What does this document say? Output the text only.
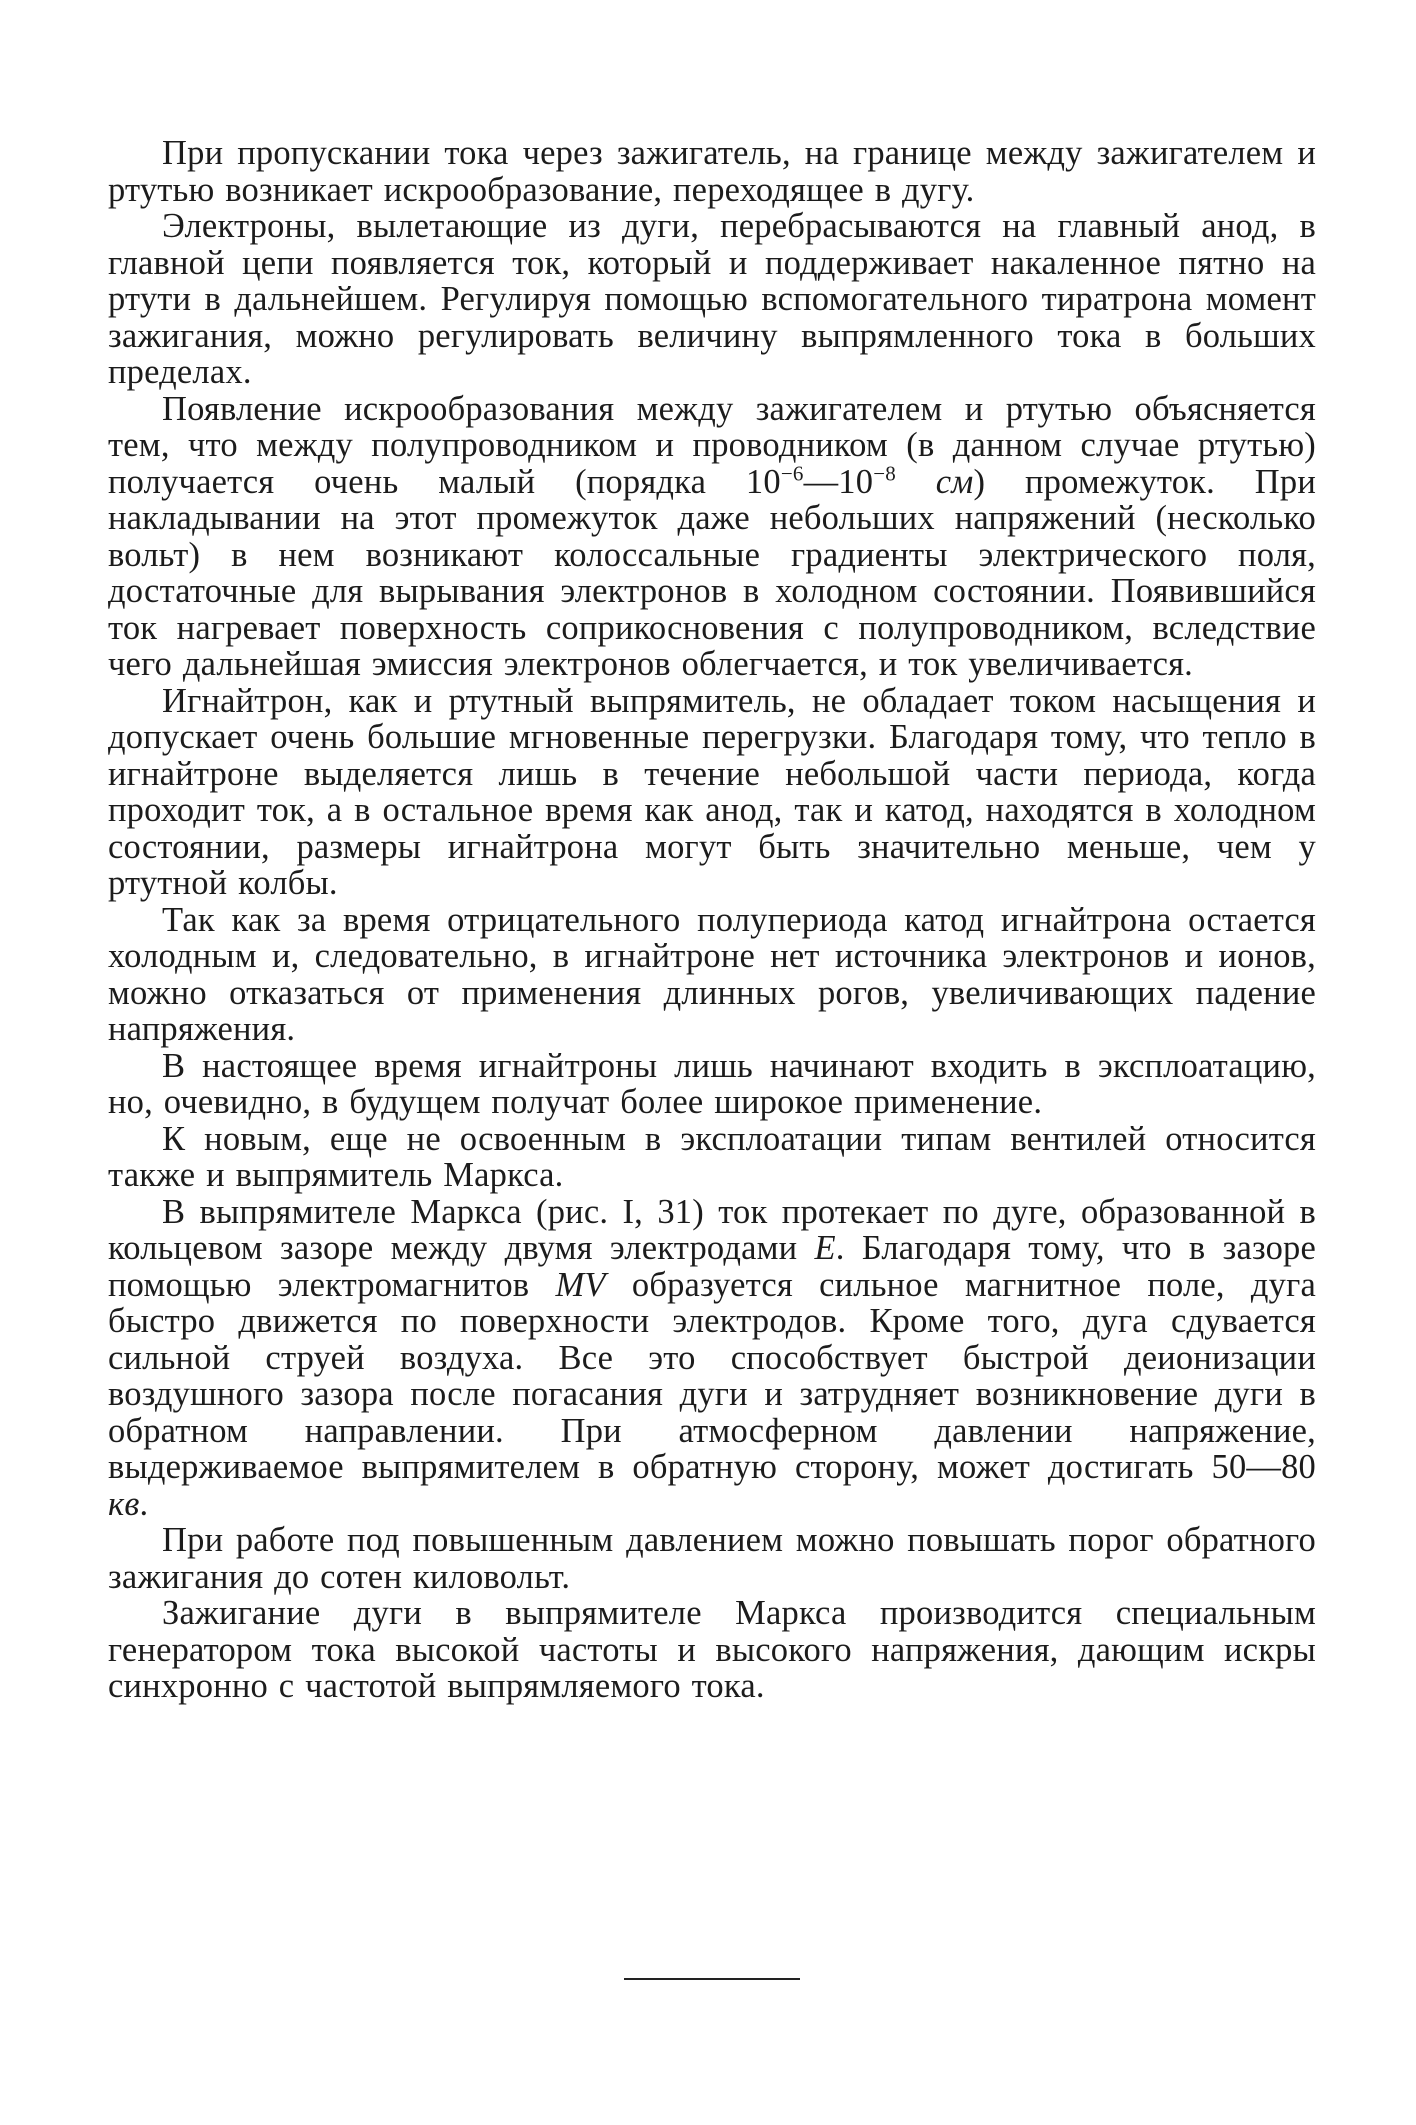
При пропускании тока через зажигатель, на границе между зажигателем и ртутью возникает искрообразование, переходящее в дугу.

Электроны, вылетающие из дуги, перебрасываются на главный анод, в главной цепи появляется ток, который и поддерживает накаленное пятно на ртути в дальнейшем. Регулируя помощью вспомогательного тиратрона момент зажигания, можно регулировать величину выпрямленного тока в больших пределах.

Появление искрообразования между зажигателем и ртутью объясняется тем, что между полупроводником и проводником (в данном случае ртутью) получается очень малый (порядка $10^{-6}—10^{-8}$ см) промежуток. При накладывании на этот промежуток даже небольших напряжений (несколько вольт) в нем возникают колоссальные градиенты электрического поля, достаточные для вырывания электронов в холодном состоянии. Появившийся ток нагревает поверхность соприкосновения с полупроводником, вследствие чего дальнейшая эмиссия электронов облегчается, и ток увеличивается.

Игнайтрон, как и ртутный выпрямитель, не обладает током насыщения и допускает очень большие мгновенные перегрузки. Благодаря тому, что тепло в игнайтроне выделяется лишь в течение небольшой части периода, когда проходит ток, а в остальное время как анод, так и катод, находятся в холодном состоянии, размеры игнайтрона могут быть значительно меньше, чем у ртутной колбы.

Так как за время отрицательного полупериода катод игнайтрона остается холодным и, следовательно, в игнайтроне нет источника электронов и ионов, можно отказаться от применения длинных рогов, увеличивающих падение напряжения.

В настоящее время игнайтроны лишь начинают входить в эксплоатацию, но, очевидно, в будущем получат более широкое применение.

К новым, еще не освоенным в эксплоатации типам вентилей относится также и выпрямитель Маркса.

В выпрямителе Маркса (рис. I, 31) ток протекает по дуге, образованной в кольцевом зазоре между двумя электродами E. Благодаря тому, что в зазоре помощью электромагнитов MV образуется сильное магнитное поле, дуга быстро движется по поверхности электродов. Кроме того, дуга сдувается сильной струей воздуха. Все это способствует быстрой деионизации воздушного зазора после погасания дуги и затрудняет возникновение дуги в обратном направлении. При атмосферном давлении напряжение, выдерживаемое выпрямителем в обратную сторону, может достигать 50—80 кв.

При работе под повышенным давлением можно повышать порог обратного зажигания до сотен киловольт.

Зажигание дуги в выпрямителе Маркса производится специальным генератором тока высокой частоты и высокого напряжения, дающим искры синхронно с частотой выпрямляемого тока.
